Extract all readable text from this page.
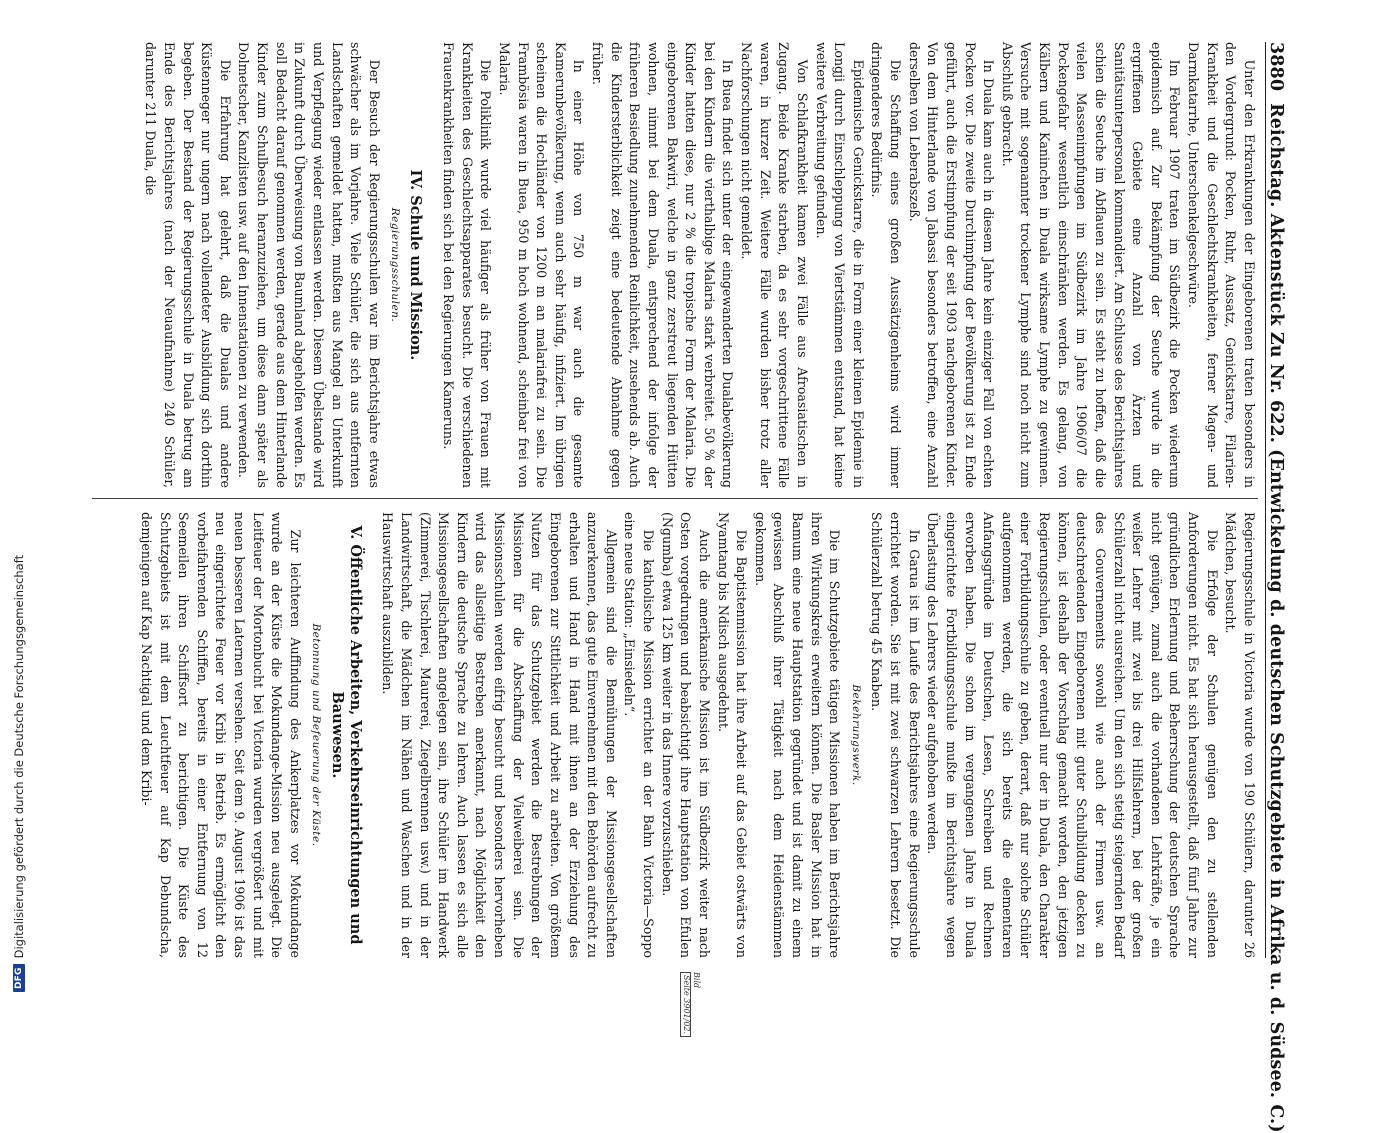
3880
Reichstag. Aktenstück Zu Nr. 622. (Entwickelung d. deutschen Schutzgebiete in Afrika u. d. Südsee. C.)

Unter den Erkrankungen der Eingeborenen traten besonders in den Vordergrund: Pocken, Ruhr, Aussatz, Genickstarre, Filarien-Krankheit und die Geschlechtskrankheiten, ferner Magen- und Darmkatarrhe, Unterschenkelgeschwüre.

Im Februar 1907 traten im Südbezirk die Pocken wiederum epidemisch auf. Zur Bekämpfung der Seuche wurde in die ergriffenen Gebiete eine Anzahl von Ärzten und Sanitätsunterpersonal kommandiert. Am Schlusse des Berichtsjahres schien die Seuche im Abflauen zu sein. Es steht zu hoffen, daß die vielen Massenimpfungen im Südbezirk im Jahre 1906/07 die Pockengefahr wesentlich einschränken werden. Es gelang, von Kälbern und Kaninchen in Duala wirksame Lymphe zu gewinnen. Versuche mit sogenannter trockener Lymphe sind noch nicht zum Abschluß gebracht.

In Duala kam auch in diesem Jahre kein einziger Fall von echten Pocken vor. Die zweite Durchimpfung der Bevölkerung ist zu Ende geführt, auch die Erstimpfung der seit 1903 nachgeborenen Kinder. Von dem Hinterlande von Jabassi besonders betroffen, eine Anzahl derselben von Leberabszeß.

Die Schaffung eines großen Aussätzigenheims wird immer dringenderes Bedürfnis.

Epidemische Genickstarre, die in Form einer kleinen Epidemie in Longji durch Einschleppung von Viertstämmen entstand, hat keine weitere Verbreitung gefunden.

Von Schlafkrankheit kamen zwei Fälle aus Afroasiatischen in Zugang. Beide Kranke starben, da es sehr vorgeschrittene Fälle waren, in kurzer Zeit. Weitere Fälle wurden bisher trotz aller Nachforschungen nicht gemeldet.

In Buea findet sich unter der eingewanderten Dualabevölkerung bei den Kindern die vierthalbige Malaria stark verbreitet. 50 % der Kinder hatten diese, nur 2 % die tropische Form der Malaria. Die eingeborenen Bakwiri, welche in ganz zerstreut liegenden Hütten wohnen, nimmt bei dem Duala, entsprechend der infolge der früheren Besiedlung zunehmenden Reinlichkeit, zusehends ab. Auch die Kindersterblichkeit zeigt eine bedeutende Abnahme gegen früher.

In einer Höhe von 750 m war auch die gesamte Kamerunbevölkerung, wenn auch sehr häufig, infiziert. Im übrigen scheinen die Hochländer von 1200 m an malariafrei zu sein. Die Frambösia waren in Buea, 950 m hoch wohnend, scheinbar frei von Malaria.

Die Poliklinik wurde viel häufiger als früher von Frauen mit Krankheiten des Geschlechtsapparates besucht. Die verschiedenen Frauenkrankheiten finden sich bei den Regierungen Kameruns.

IV. Schule und Mission.
Regierungsschulen.

Der Besuch der Regierungsschulen war im Berichtsjahre etwas schwächer als im Vorjahre. Viele Schüler, die sich aus entfernten Landschaften gemeldet hatten, mußten aus Mangel an Unterkunft und Verpflegung wieder entlassen werden. Diesem Übelstande wird in Zukunft durch Überweisung von Baumland abgeholfen werden. Es soll Bedacht darauf genommen werden, gerade aus dem Hinterlande Kinder zum Schulbesuch heranzuziehen, um diese dann später als Dolmetscher, Kanzlisten usw. auf den Innenstationen zu verwenden.

Die Erfahrung hat gelehrt, daß die Dualas und andere Küstenneger nur ungern nach vollendeter Ausbildung sich dorthin begeben. Der Bestand der Regierungsschule in Duala betrug am Ende des Berichtsjahres (nach der Neuaufnahme) 240 Schüler, darunter 211 Duala, die

Regierungsschule in Victoria wurde von 190 Schülern, darunter 26 Mädchen, besucht.

Die Erfolge der Schulen genügen den zu stellenden Anforderungen nicht. Es hat sich herausgestellt, daß fünf Jahre zur gründlichen Erlernung und Beherrschung der deutschen Sprache nicht genügen, zumal auch die vorhandenen Lehrkräfte, je ein weißer Lehrer mit zwei bis drei Hilfslehrern, bei der großen Schülerzahl nicht ausreichen. Um den sich stetig steigernden Bedarf des Gouvernements sowohl wie auch der Firmen usw. an deutschredenden Eingeborenen mit guter Schulbildung decken zu können, ist deshalb der Vorschlag gemacht worden, den jetzigen Regierungsschulen, oder eventuell nur der in Duala, den Charakter einer Fortbildungsschule zu geben, derart, daß nur solche Schüler aufgenommen werden, die sich bereits die elementaren Anfangsgründe im Deutschen, Lesen, Schreiben und Rechnen erworben haben. Die schon im vergangenen Jahre in Duala eingerichtete Fortbildungsschule mußte im Berichtsjahre wegen Überlastung des Lehrers wieder aufgehoben werden.

In Garua ist im Laufe des Berichtsjahres eine Regierungsschule errichtet worden. Sie ist mit zwei schwarzen Lehrern besetzt. Die Schülerzahl betrug 45 Knaben.

Bekehrungswerk.

Die im Schutzgebiete tätigen Missionen haben im Berichtsjahre ihren Wirkungskreis erweitern können. Die Basler Mission hat in Bamum eine neue Hauptstation gegründet und ist damit zu einem gewissen Abschluß ihrer Tätigkeit nach dem Heidenstämmen gekommen.

Die Baptistenmission hat ihre Arbeit auf das Gebiet ostwärts von Nyamtang bis Ndisch ausgedehnt.

Auch die amerikanische Mission ist im Südbezirk weiter nach Osten vorgedrungen und beabsichtigt ihre Hauptstation von Efulen (Ngumba) etwa 125 km weiter in das Innere vorzuschieben.

Die katholische Mission errichtet an der Bahn Victoria—Soppo eine neue Station: „Einsiedeln“.

Allgemein sind die Bemühungen der Missionsgesellschaften anzuerkennen, das gute Einvernehmen mit den Behörden aufrecht zu erhalten und Hand in Hand mit ihnen an der Erziehung des Eingeborenen zur Sittlichkeit und Arbeit zu arbeiten. Von größtem Nutzen für das Schutzgebiet werden die Bestrebungen der Missionen für die Abschaffung der Vielweiberei sein. Die Missionsschulen werden eifrig besucht und besonders hervorheben wird das allseitige Bestreben anerkannt, nach Möglichkeit den Kindern die deutsche Sprache zu lehren. Auch lassen es sich alle Missionsgesellschaften angelegen sein, ihre Schüler im Handwerk (Zimmerei, Tischlerei, Maurerei, Ziegelbrennen usw.) und in der Landwirtschaft, die Mädchen im Nähen und Waschen und in der Hauswirtschaft auszubilden.

V. Öffentliche Arbeiten, Verkehrseinrichtungen und Bauwesen.
Betonnung und Befeuerung der Küste.

Zur leichteren Auffindung des Ankerplatzes vor Mokundange wurde an der Küste die Mokundange-Mission neu ausgelegt. Die Leitfeuer der Mortonbucht bei Victoria wurden vergrößert und mit neuen besseren Laternen versehen. Seit dem 9. August 1906 ist das neu eingerichtete Feuer vor Kribi in Betrieb. Es ermöglicht den vorbeifahrenden Schiffen, bereits in einer Entfernung von 12 Seemeilen ihren Schiffsort zu berichtigen. Die Küste des Schutzgebiets ist mit dem Leuchtfeuer auf Kap Debundscha, demjenigen auf Kap Nachtigal und dem Kribi-

Bild
Seite 3901/02.
DFG
Digitalisierung gefördert durch die Deutsche Forschungsgemeinschaft
